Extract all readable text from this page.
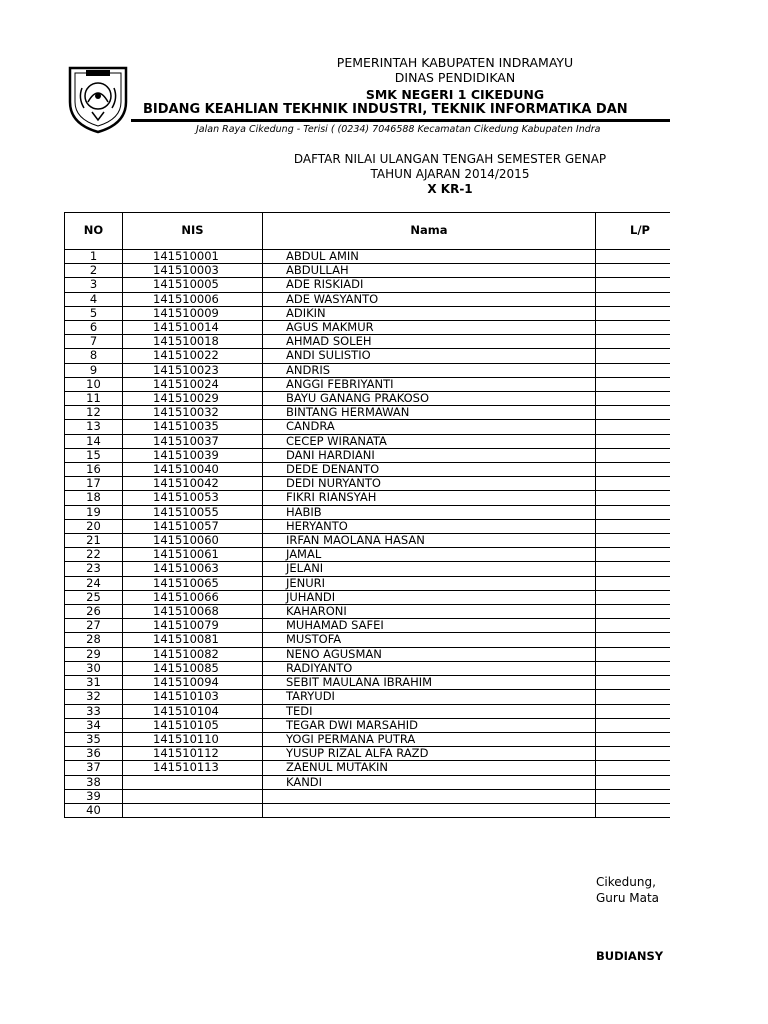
PEMERINTAH KABUPATEN INDRAMAYU
DINAS PENDIDIKAN
SMK NEGERI 1 CIKEDUNG
BIDANG KEAHLIAN TEKHNIK INDUSTRI, TEKNIK INFORMATIKA DAN
Jalan Raya Cikedung - Terisi ( (0234) 7046588 Kecamatan Cikedung Kabupaten Indra
DAFTAR NILAI ULANGAN TENGAH SEMESTER GENAP
TAHUN AJARAN 2014/2015
X KR-1
NO	NIS	Nama	L/P
1	141510001	ABDUL AMIN	
2	141510003	ABDULLAH	
3	141510005	ADE RISKIADI	
4	141510006	ADE WASYANTO	
5	141510009	ADIKIN	
6	141510014	AGUS MAKMUR	
7	141510018	AHMAD SOLEH	
8	141510022	ANDI SULISTIO	
9	141510023	ANDRIS	
10	141510024	ANGGI FEBRIYANTI	
11	141510029	BAYU GANANG PRAKOSO	
12	141510032	BINTANG HERMAWAN	
13	141510035	CANDRA	
14	141510037	CECEP WIRANATA	
15	141510039	DANI HARDIANI	
16	141510040	DEDE DENANTO	
17	141510042	DEDI NURYANTO	
18	141510053	FIKRI RIANSYAH	
19	141510055	HABIB	
20	141510057	HERYANTO	
21	141510060	IRFAN MAOLANA HASAN	
22	141510061	JAMAL	
23	141510063	JELANI	
24	141510065	JENURI	
25	141510066	JUHANDI	
26	141510068	KAHARONI	
27	141510079	MUHAMAD SAFEI	
28	141510081	MUSTOFA	
29	141510082	NENO AGUSMAN	
30	141510085	RADIYANTO	
31	141510094	SEBIT MAULANA IBRAHIM	
32	141510103	TARYUDI	
33	141510104	TEDI	
34	141510105	TEGAR DWI MARSAHID	
35	141510110	YOGI PERMANA PUTRA	
36	141510112	YUSUP RIZAL ALFA RAZD	
37	141510113	ZAENUL MUTAKIN	
38		KANDI	
39			
40			
Cikedung,
Guru Mata
BUDIANSY
